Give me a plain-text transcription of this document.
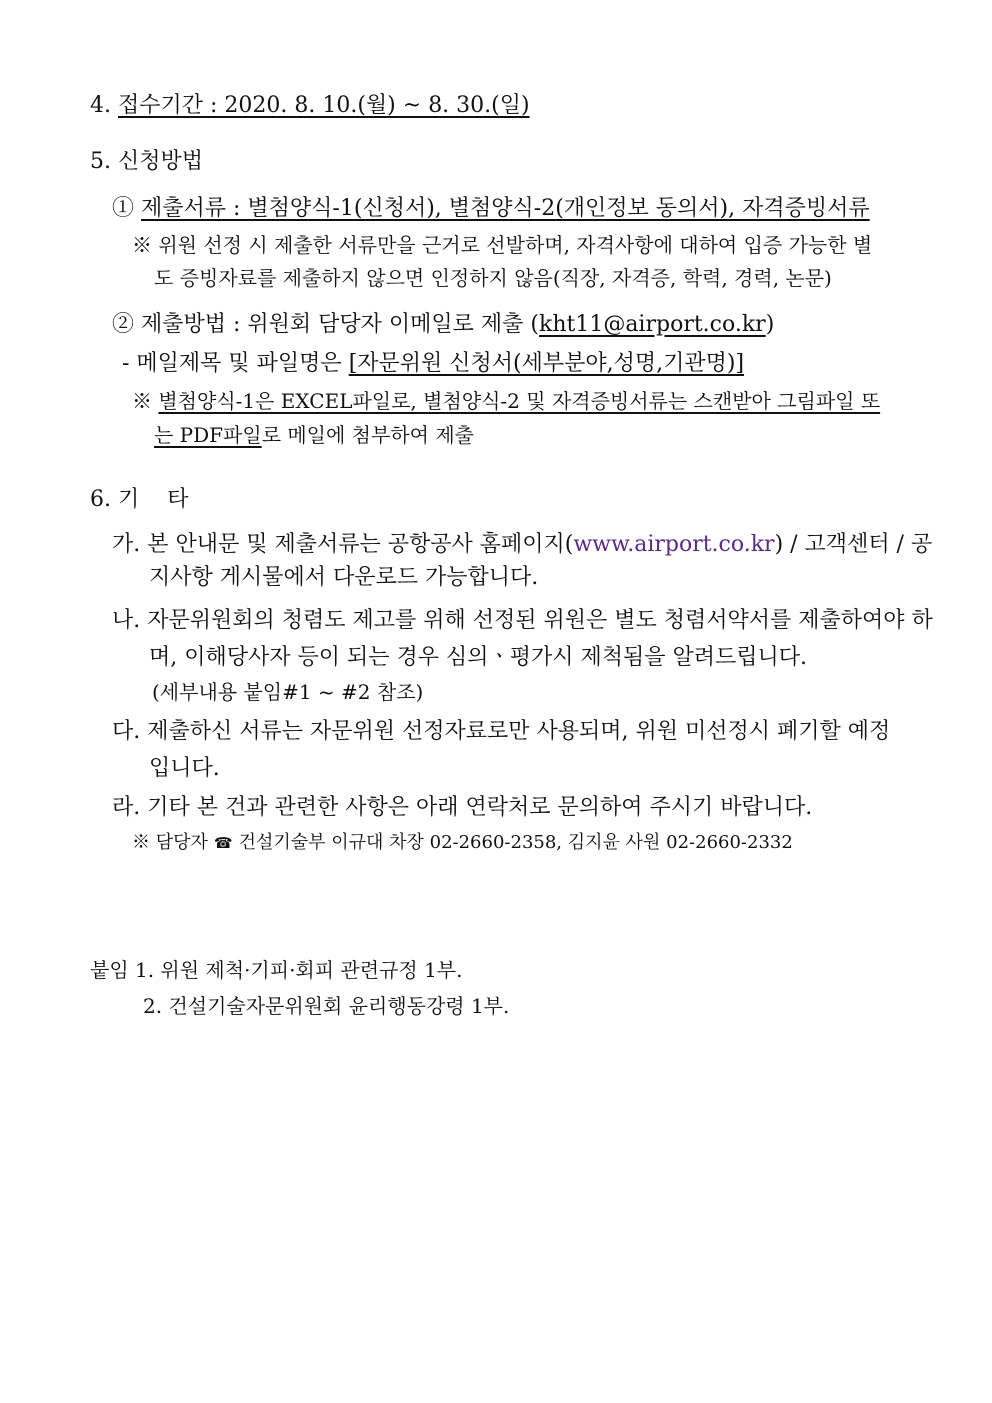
4. 접수기간 : 2020. 8. 10.(월) ~ 8. 30.(일)
5. 신청방법
① 제출서류 : 별첨양식-1(신청서), 별첨양식-2(개인정보 동의서), 자격증빙서류
※ 위원 선정 시 제출한 서류만을 근거로 선발하며, 자격사항에 대하여 입증 가능한 별
도 증빙자료를 제출하지 않으면 인정하지 않음(직장, 자격증, 학력, 경력, 논문)
② 제출방법 : 위원회 담당자 이메일로 제출 (kht11@airport.co.kr)
- 메일제목 및 파일명은 [자문위원 신청서(세부분야,성명,기관명)]
※ 별첨양식-1은 EXCEL파일로, 별첨양식-2 및 자격증빙서류는 스캔받아 그림파일 또
는 PDF파일로 메일에 첨부하여 제출
6. 기    타
가. 본 안내문 및 제출서류는 공항공사 홈페이지(www.airport.co.kr) / 고객센터 / 공
지사항 게시물에서 다운로드 가능합니다.
나. 자문위원회의 청렴도 제고를 위해 선정된 위원은 별도 청렴서약서를 제출하여야 하
며, 이해당사자 등이 되는 경우 심의ㆍ평가시 제척됨을 알려드립니다.
(세부내용 붙임#1 ~ #2 참조)
다. 제출하신 서류는 자문위원 선정자료로만 사용되며, 위원 미선정시 폐기할 예정
입니다.
라. 기타 본 건과 관련한 사항은 아래 연락처로 문의하여 주시기 바랍니다.
※ 담당자 ☎ 건설기술부 이규대 차장 02-2660-2358, 김지윤 사원 02-2660-2332
붙임 1. 위원 제척·기피·회피 관련규정 1부.
2. 건설기술자문위원회 윤리행동강령 1부.
